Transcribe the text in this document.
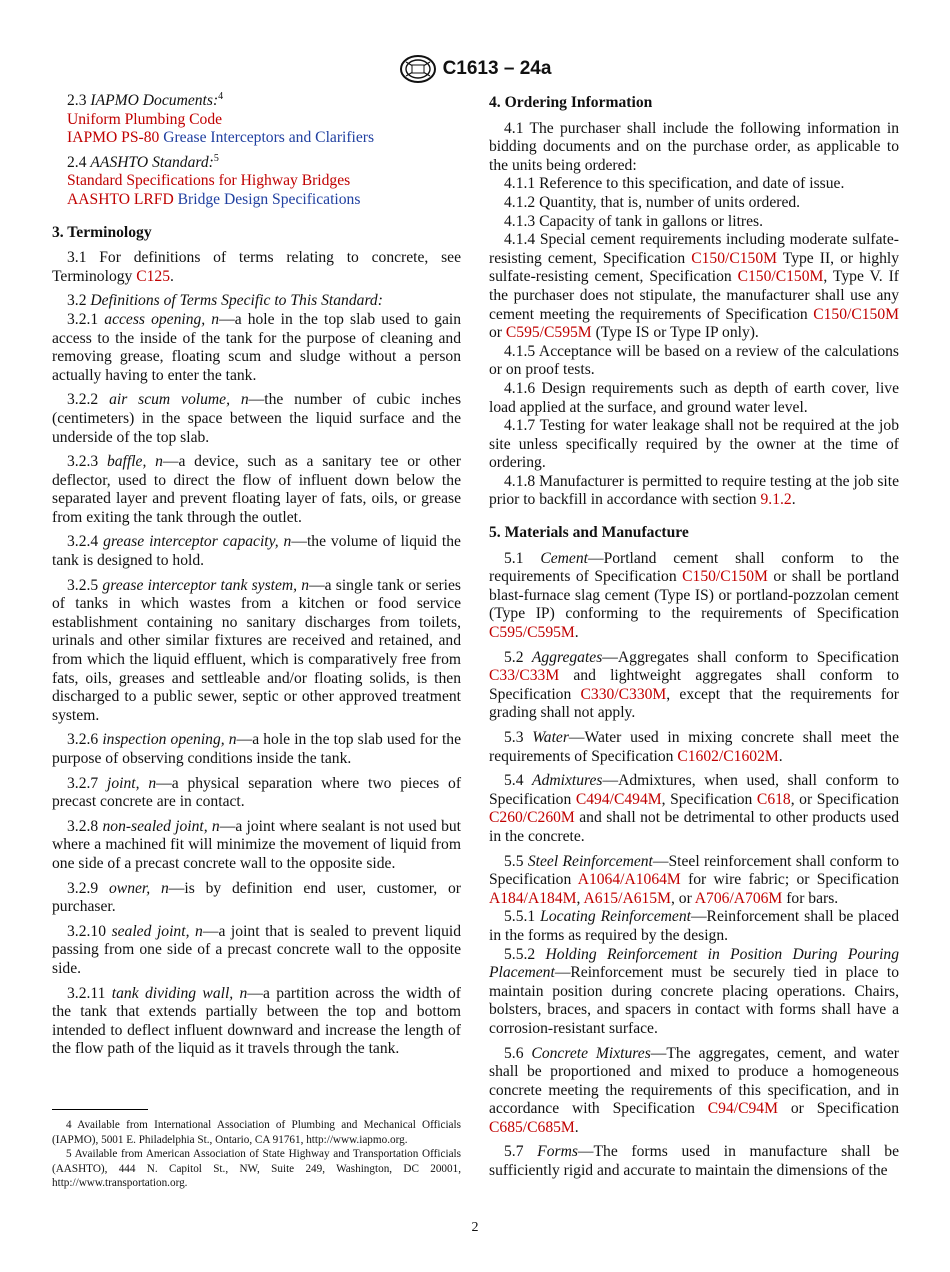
C1613 – 24a

2.3 IAPMO Documents:$^4$

Uniform Plumbing Code

IAPMO PS-80 Grease Interceptors and Clarifiers

2.4 AASHTO Standard:$^5$

Standard Specifications for Highway Bridges

AASHTO LRFD Bridge Design Specifications

3. Terminology

3.1 For definitions of terms relating to concrete, see Terminology C125.

3.2 Definitions of Terms Specific to This Standard:

3.2.1 access opening, n—a hole in the top slab used to gain access to the inside of the tank for the purpose of cleaning and removing grease, floating scum and sludge without a person actually having to enter the tank.

3.2.2 air scum volume, n—the number of cubic inches (centimeters) in the space between the liquid surface and the underside of the top slab.

3.2.3 baffle, n—a device, such as a sanitary tee or other deflector, used to direct the flow of influent down below the separated layer and prevent floating layer of fats, oils, or grease from exiting the tank through the outlet.

3.2.4 grease interceptor capacity, n—the volume of liquid the tank is designed to hold.

3.2.5 grease interceptor tank system, n—a single tank or series of tanks in which wastes from a kitchen or food service establishment containing no sanitary discharges from toilets, urinals and other similar fixtures are received and retained, and from which the liquid effluent, which is comparatively free from fats, oils, greases and settleable and/or floating solids, is then discharged to a public sewer, septic or other approved treatment system.

3.2.6 inspection opening, n—a hole in the top slab used for the purpose of observing conditions inside the tank.

3.2.7 joint, n—a physical separation where two pieces of precast concrete are in contact.

3.2.8 non-sealed joint, n—a joint where sealant is not used but where a machined fit will minimize the movement of liquid from one side of a precast concrete wall to the opposite side.

3.2.9 owner, n—is by definition end user, customer, or purchaser.

3.2.10 sealed joint, n—a joint that is sealed to prevent liquid passing from one side of a precast concrete wall to the opposite side.

3.2.11 tank dividing wall, n—a partition across the width of the tank that extends partially between the top and bottom intended to deflect influent downward and increase the length of the flow path of the liquid as it travels through the tank.

4 Available from International Association of Plumbing and Mechanical Officials (IAPMO), 5001 E. Philadelphia St., Ontario, CA 91761, http://www.iapmo.org.

5 Available from American Association of State Highway and Transportation Officials (AASHTO), 444 N. Capitol St., NW, Suite 249, Washington, DC 20001, http://www.transportation.org.

4. Ordering Information

4.1 The purchaser shall include the following information in bidding documents and on the purchase order, as applicable to the units being ordered:

4.1.1 Reference to this specification, and date of issue.

4.1.2 Quantity, that is, number of units ordered.

4.1.3 Capacity of tank in gallons or litres.

4.1.4 Special cement requirements including moderate sulfate-resisting cement, Specification C150/C150M Type II, or highly sulfate-resisting cement, Specification C150/C150M, Type V. If the purchaser does not stipulate, the manufacturer shall use any cement meeting the requirements of Specification C150/C150M or C595/C595M (Type IS or Type IP only).

4.1.5 Acceptance will be based on a review of the calculations or on proof tests.

4.1.6 Design requirements such as depth of earth cover, live load applied at the surface, and ground water level.

4.1.7 Testing for water leakage shall not be required at the job site unless specifically required by the owner at the time of ordering.

4.1.8 Manufacturer is permitted to require testing at the job site prior to backfill in accordance with section 9.1.2.

5. Materials and Manufacture

5.1 Cement—Portland cement shall conform to the requirements of Specification C150/C150M or shall be portland blast-furnace slag cement (Type IS) or portland-pozzolan cement (Type IP) conforming to the requirements of Specification C595/C595M.

5.2 Aggregates—Aggregates shall conform to Specification C33/C33M and lightweight aggregates shall conform to Specification C330/C330M, except that the requirements for grading shall not apply.

5.3 Water—Water used in mixing concrete shall meet the requirements of Specification C1602/C1602M.

5.4 Admixtures—Admixtures, when used, shall conform to Specification C494/C494M, Specification C618, or Specification C260/C260M and shall not be detrimental to other products used in the concrete.

5.5 Steel Reinforcement—Steel reinforcement shall conform to Specification A1064/A1064M for wire fabric; or Specification A184/A184M, A615/A615M, or A706/A706M for bars.

5.5.1 Locating Reinforcement—Reinforcement shall be placed in the forms as required by the design.

5.5.2 Holding Reinforcement in Position During Pouring Placement—Reinforcement must be securely tied in place to maintain position during concrete placing operations. Chairs, bolsters, braces, and spacers in contact with forms shall have a corrosion-resistant surface.

5.6 Concrete Mixtures—The aggregates, cement, and water shall be proportioned and mixed to produce a homogeneous concrete meeting the requirements of this specification, and in accordance with Specification C94/C94M or Specification C685/C685M.

5.7 Forms—The forms used in manufacture shall be sufficiently rigid and accurate to maintain the dimensions of the

2
